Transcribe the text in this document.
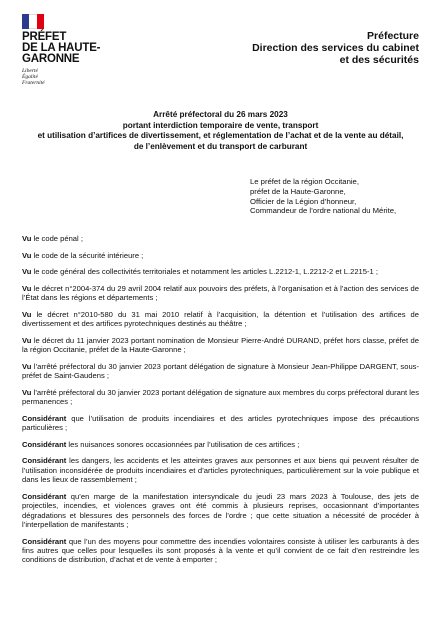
PRÉFET
DE LA HAUTE-
GARONNE
Liberté
Égalité
Fraternité
Préfecture
Direction des services du cabinet
et des sécurités
Arrêté préfectoral du 26 mars 2023
portant interdiction temporaire de vente, transport
et utilisation d’artifices de divertissement, et réglementation de l’achat et de la vente au détail,
de l’enlèvement et du transport de carburant
Le préfet de la région Occitanie,
préfet de la Haute-Garonne,
Officier de la Légion d’honneur,
Commandeur de l’ordre national du Mérite,

Vu le code pénal ;

Vu le code de la sécurité intérieure ;

Vu le code général des collectivités territoriales et notamment les articles L.2212-1, L.2212-2 et L.2215-1 ;

Vu le décret n°2004-374 du 29 avril 2004 relatif aux pouvoirs des préfets, à l’organisation et à l’action des services de l’État dans les régions et départements ;

Vu le décret n°2010-580 du 31 mai 2010 relatif à l’acquisition, la détention et l’utilisation des artifices de divertissement et des artifices pyrotechniques destinés au théâtre ;

Vu le décret du 11 janvier 2023 portant nomination de Monsieur Pierre-André DURAND, préfet hors classe, préfet de la région Occitanie, préfet de la Haute-Garonne ;

Vu l’arrêté préfectoral du 30 janvier 2023 portant délégation de signature à Monsieur Jean-Philippe DARGENT, sous-préfet de Saint-Gaudens ;

Vu l’arrêté préfectoral du 30 janvier 2023 portant délégation de signature aux membres du corps préfectoral durant les permanences ;

Considérant que l’utilisation de produits incendiaires et des articles pyrotechniques impose des précautions particulières ;

Considérant les nuisances sonores occasionnées par l’utilisation de ces artifices ;

Considérant les dangers, les accidents et les atteintes graves aux personnes et aux biens qui peuvent résulter de l’utilisation inconsidérée de produits incendiaires et d’articles pyrotechniques, particulièrement sur la voie publique et dans les lieux de rassemblement ;

Considérant qu’en marge de la manifestation intersyndicale du jeudi 23 mars 2023 à Toulouse, des jets de projectiles, incendies, et violences graves ont été commis à plusieurs reprises, occasionnant d’importantes dégradations et blessures des personnels des forces de l’ordre ; que cette situation a nécessité de procéder à l’interpellation de manifestants ;

Considérant que l’un des moyens pour commettre des incendies volontaires consiste à utiliser les carburants à des fins autres que celles pour lesquelles ils sont proposés à la vente et qu’il convient de ce fait d’en restreindre les conditions de distribution, d’achat et de vente à emporter ;
